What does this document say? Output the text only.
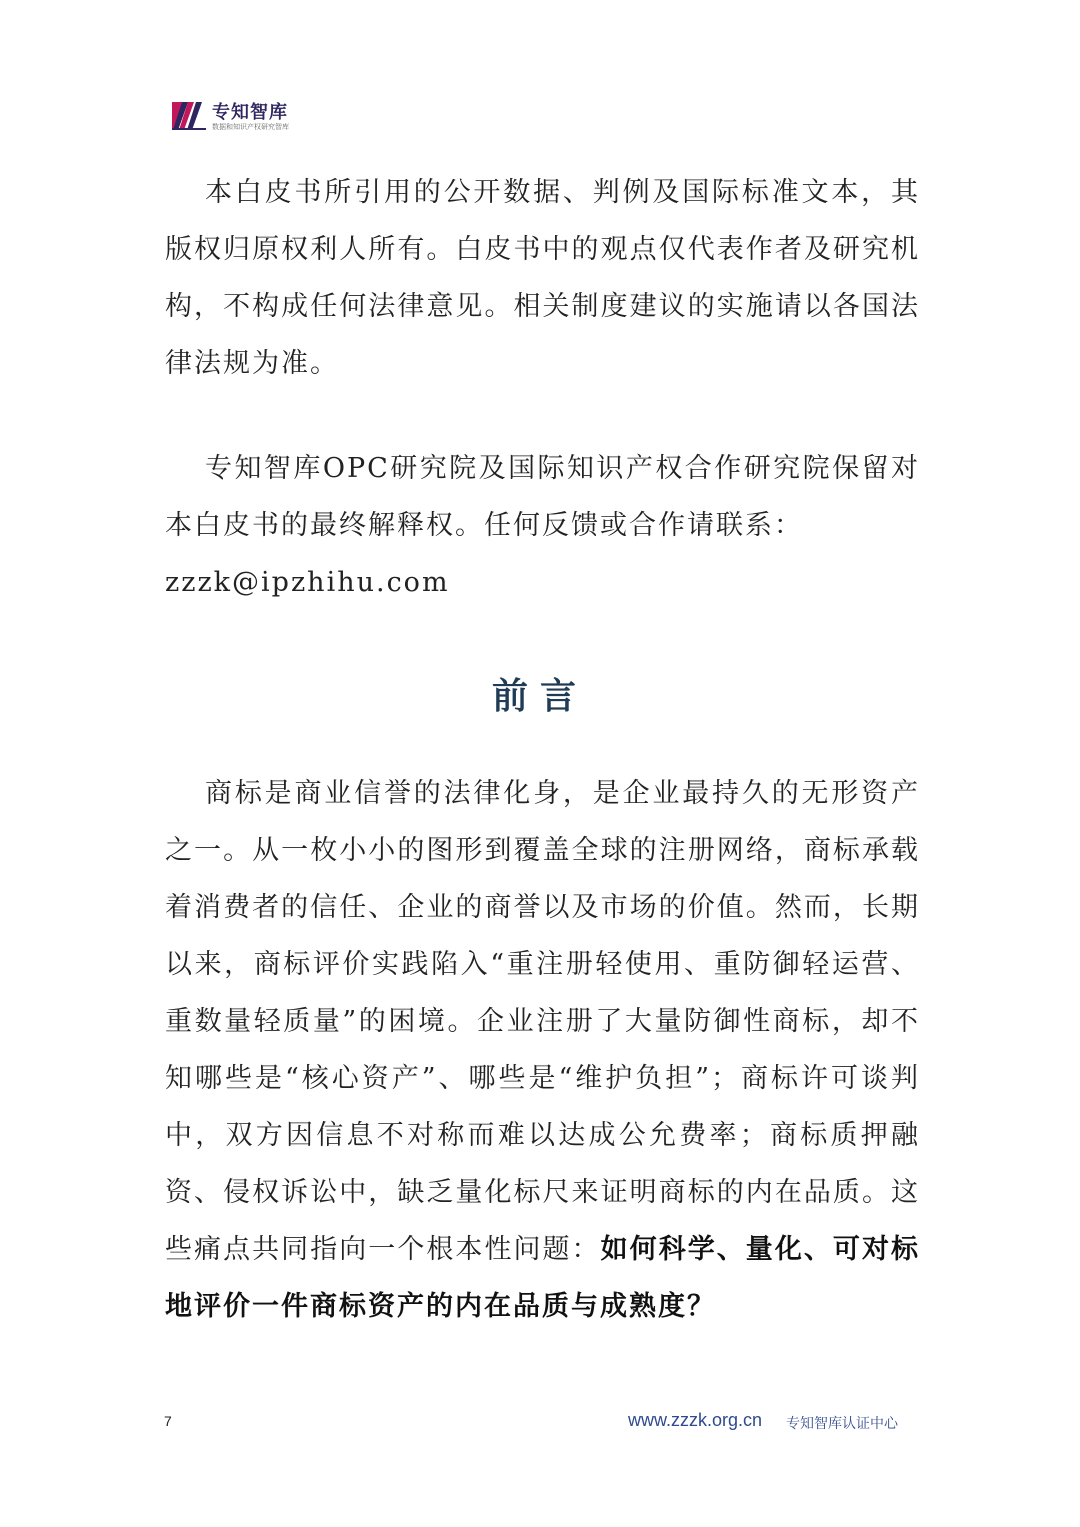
专知智库
数据和知识产权研究智库

本白皮书所引用的公开数据、判例及国际标准文本，其版权归原权利人所有。白皮书中的观点仅代表作者及研究机构，不构成任何法律意见。相关制度建议的实施请以各国法律法规为准。

专知智库OPC研究院及国际知识产权合作研究院保留对本白皮书的最终解释权。任何反馈或合作请联系：
zzzk@ipzhihu.com
前言

商标是商业信誉的法律化身，是企业最持久的无形资产之一。从一枚小小的图形到覆盖全球的注册网络，商标承载着消费者的信任、企业的商誉以及市场的价值。然而，长期以来，商标评价实践陷入“重注册轻使用、重防御轻运营、重数量轻质量”的困境。企业注册了大量防御性商标，却不知哪些是“核心资产”、哪些是“维护负担”；商标许可谈判中，双方因信息不对称而难以达成公允费率；商标质押融资、侵权诉讼中，缺乏量化标尺来证明商标的内在品质。这些痛点共同指向一个根本性问题：如何科学、量化、可对标地评价一件商标资产的内在品质与成熟度？

7	www.zzzk.org.cn 专知智库认证中心
